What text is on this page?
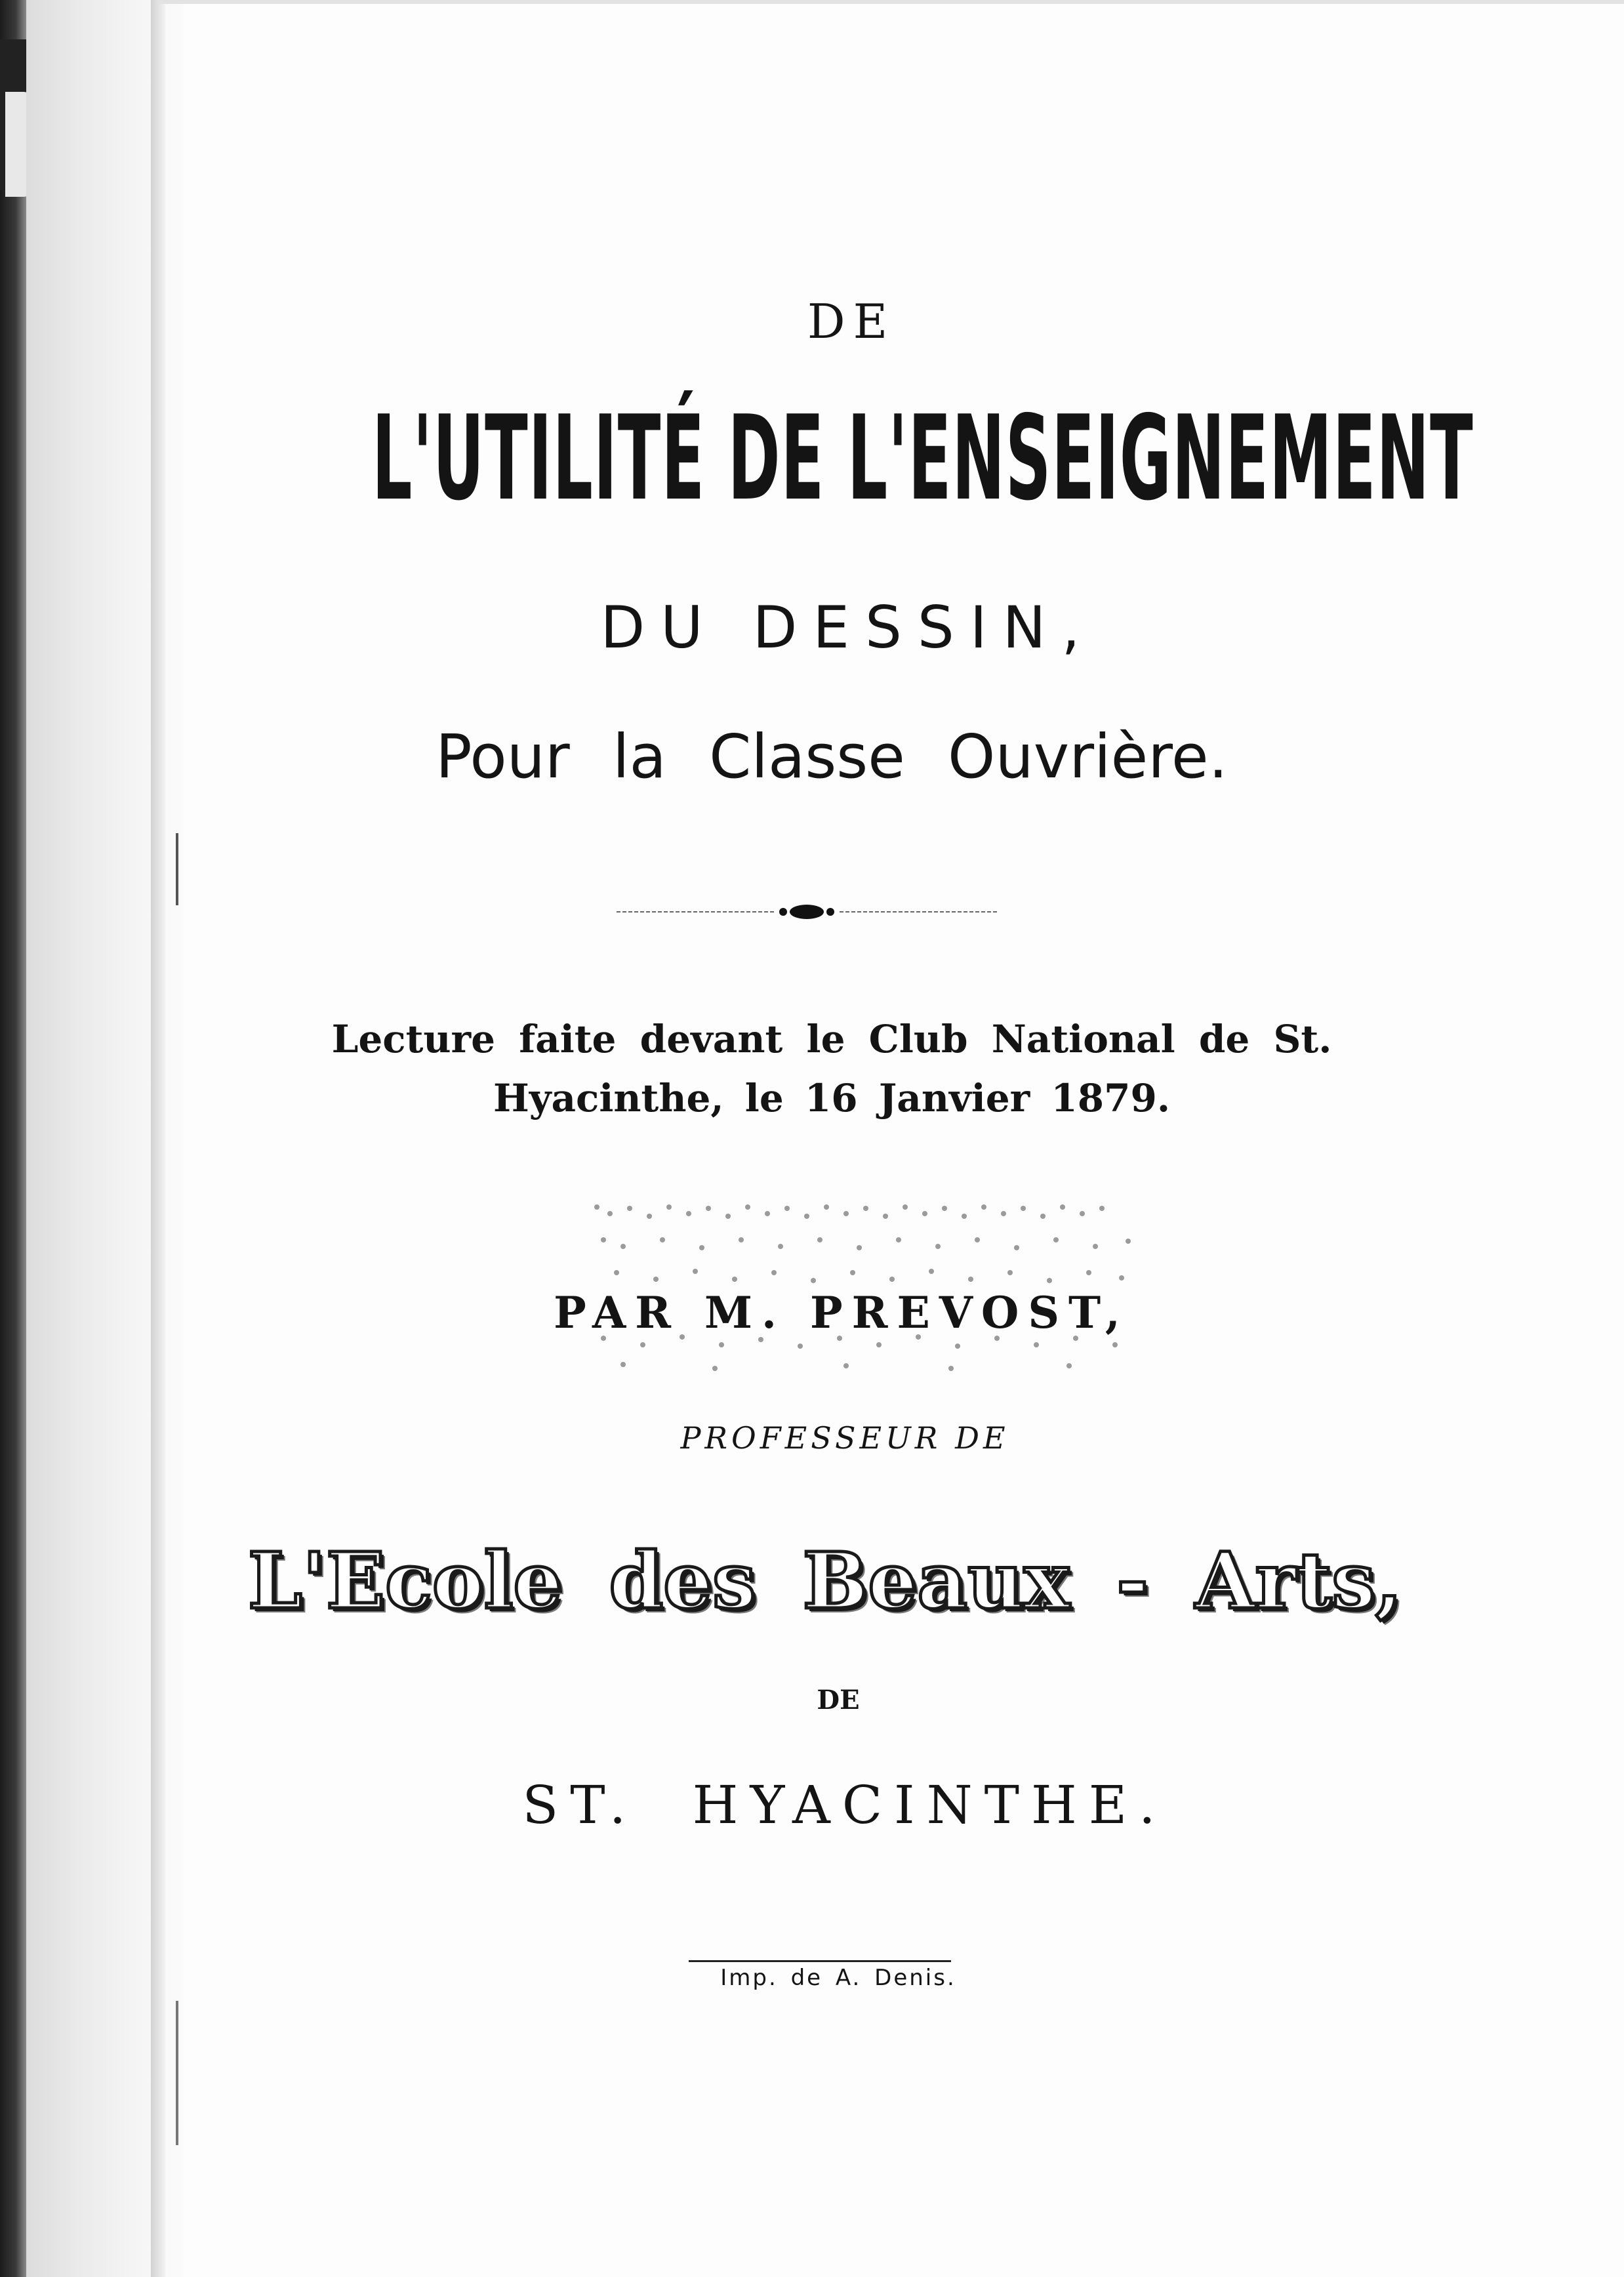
DE

L'UTILITÉ DE L'ENSEIGNEMENT

DU DESSIN,

Pour la Classe Ouvrière.

Lecture faite devant le Club National de St.

Hyacinthe, le 16 Janvier 1879.

PAR M. PREVOST,

PROFESSEUR DE

L'Ecole des Beaux - Arts,

DE

ST. HYACINTHE.

Imp. de A. Denis.
